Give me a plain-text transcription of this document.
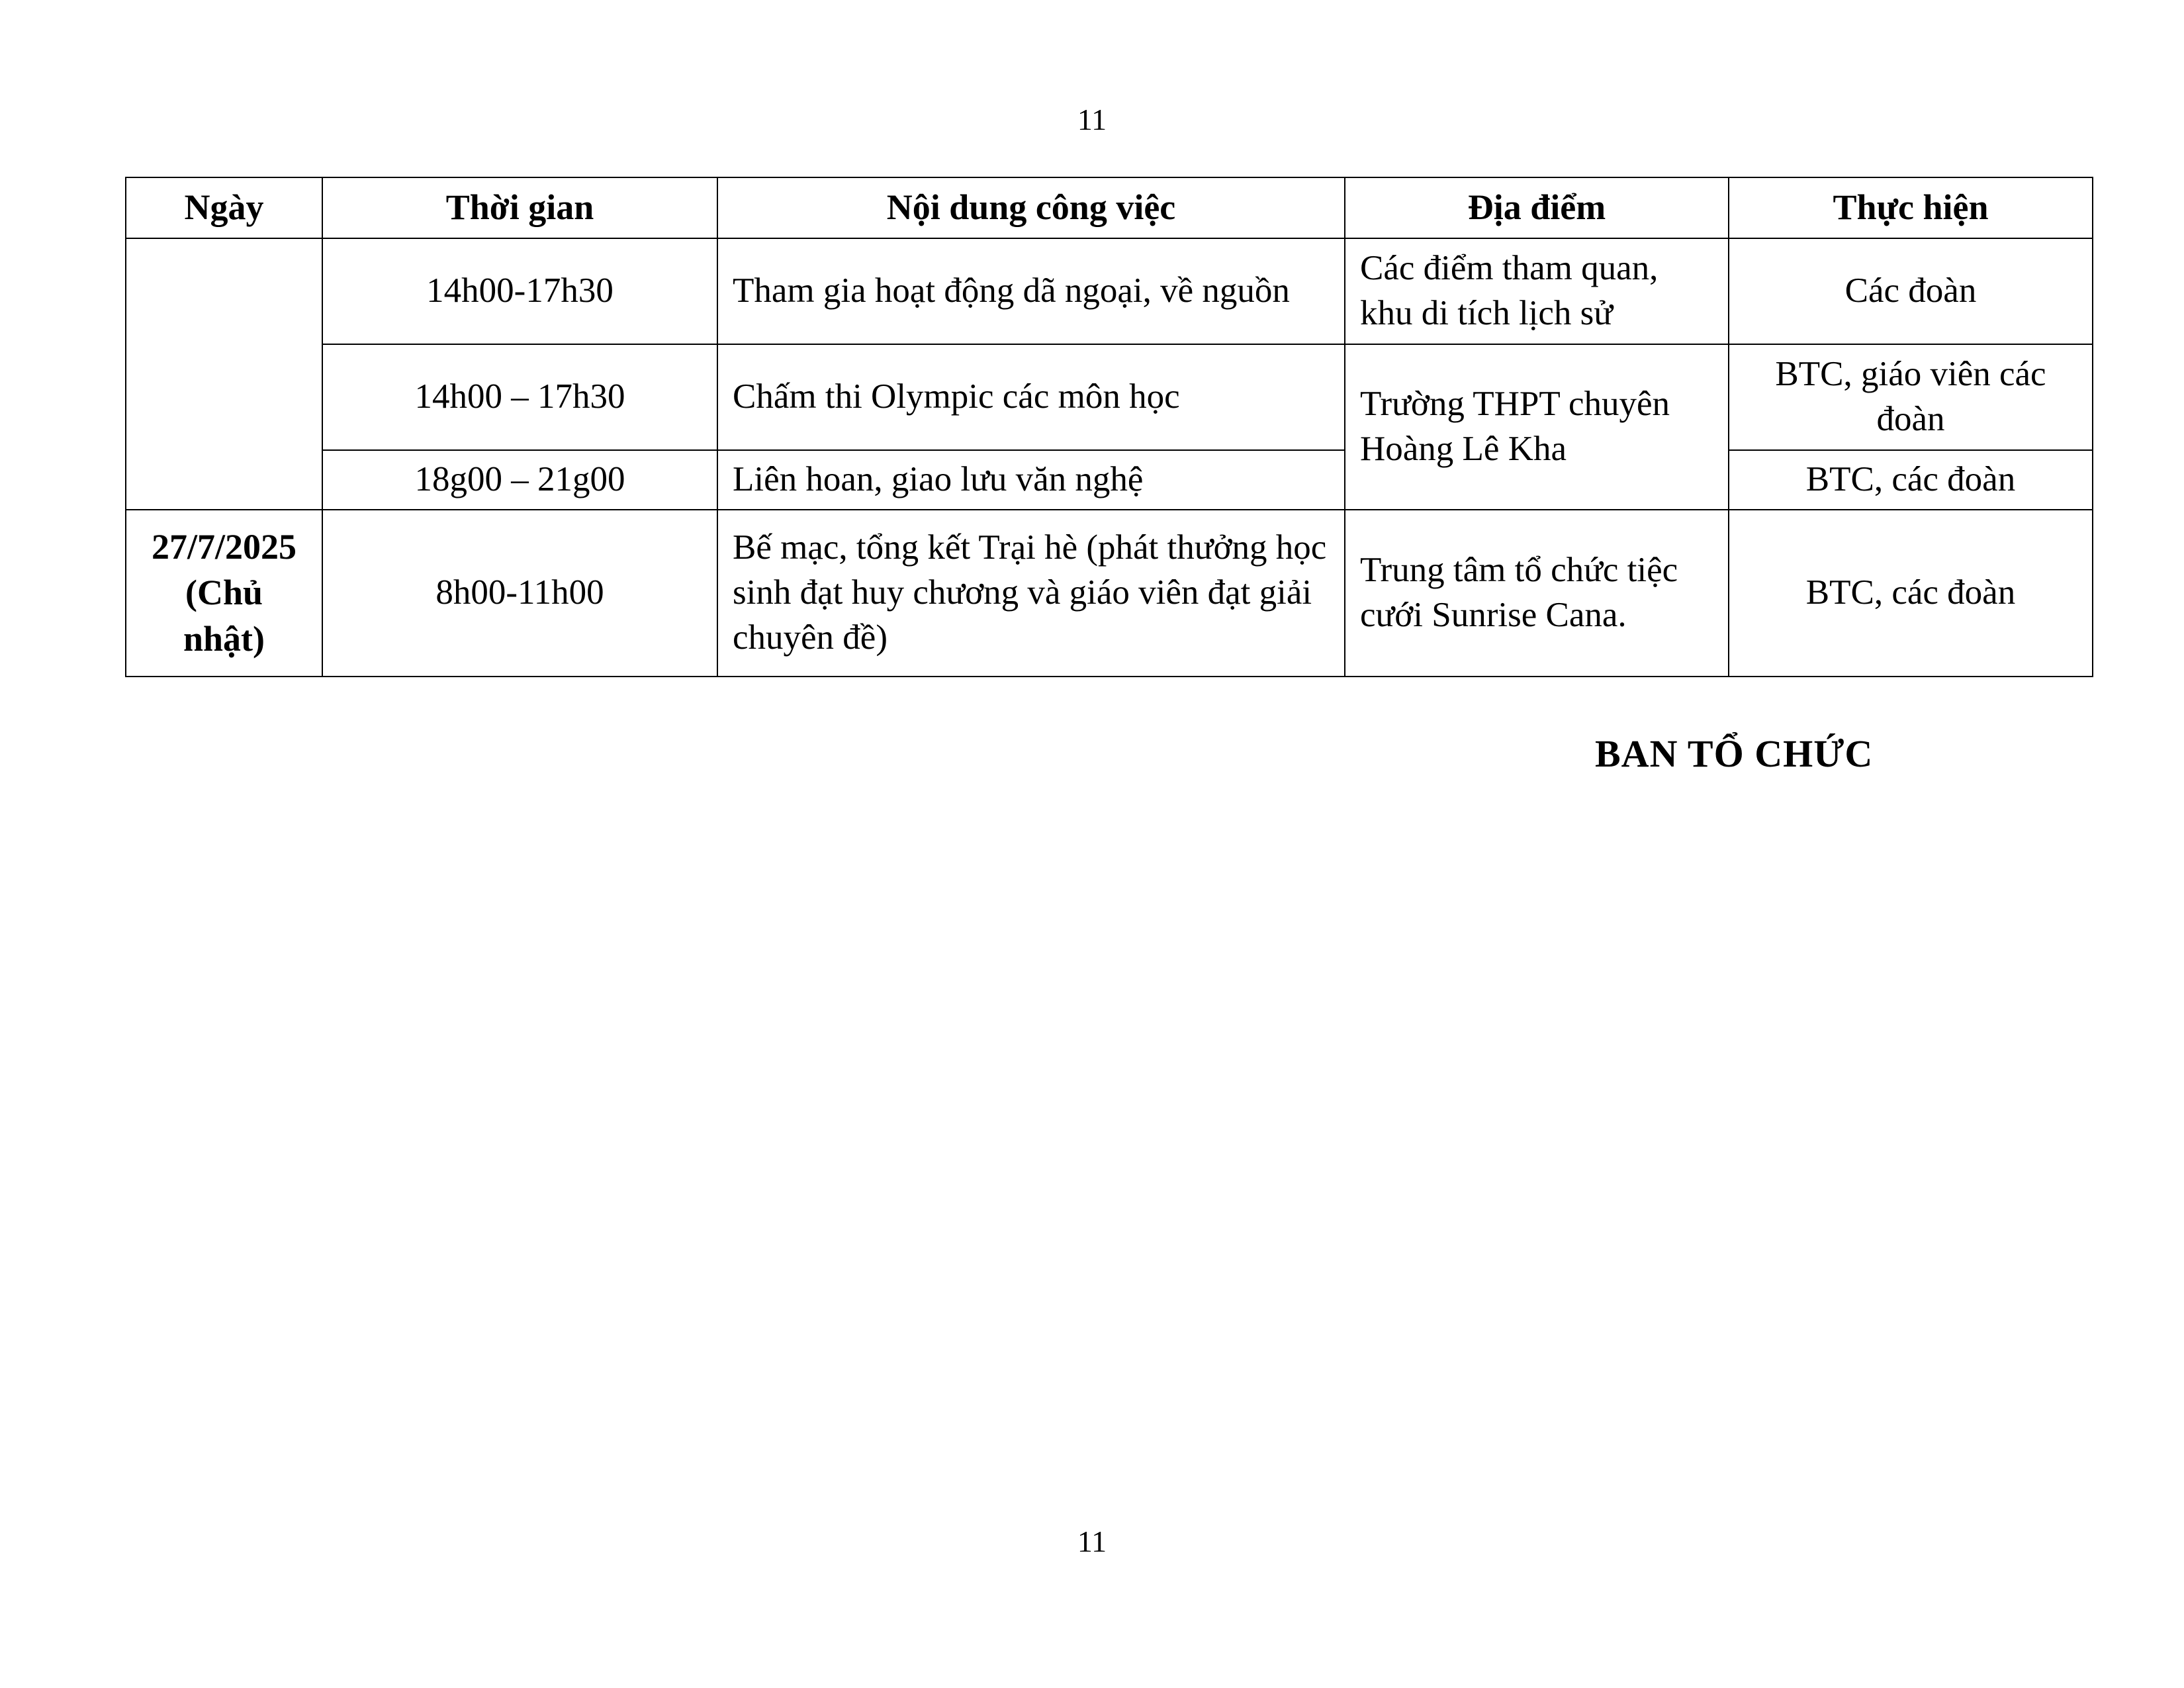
11
Ngày	Thời gian	Nội dung công việc	Địa điểm	Thực hiện
	14h00-17h30	Tham gia hoạt động dã ngoại, về nguồn	Các điểm tham quan, khu di tích lịch sử	Các đoàn
	14h00 – 17h30	Chấm thi Olympic các môn học	Trường THPT chuyên Hoàng Lê Kha	BTC, giáo viên các đoàn
	18g00 – 21g00	Liên hoan, giao lưu văn nghệ		BTC, các đoàn
27/7/2025 (Chủ nhật)	8h00-11h00	Bế mạc, tổng kết Trại hè (phát thưởng học sinh đạt huy chương và giáo viên đạt giải chuyên đề)	Trung tâm tổ chức tiệc cưới Sunrise Cana.	BTC, các đoàn
BAN TỔ CHỨC
11
